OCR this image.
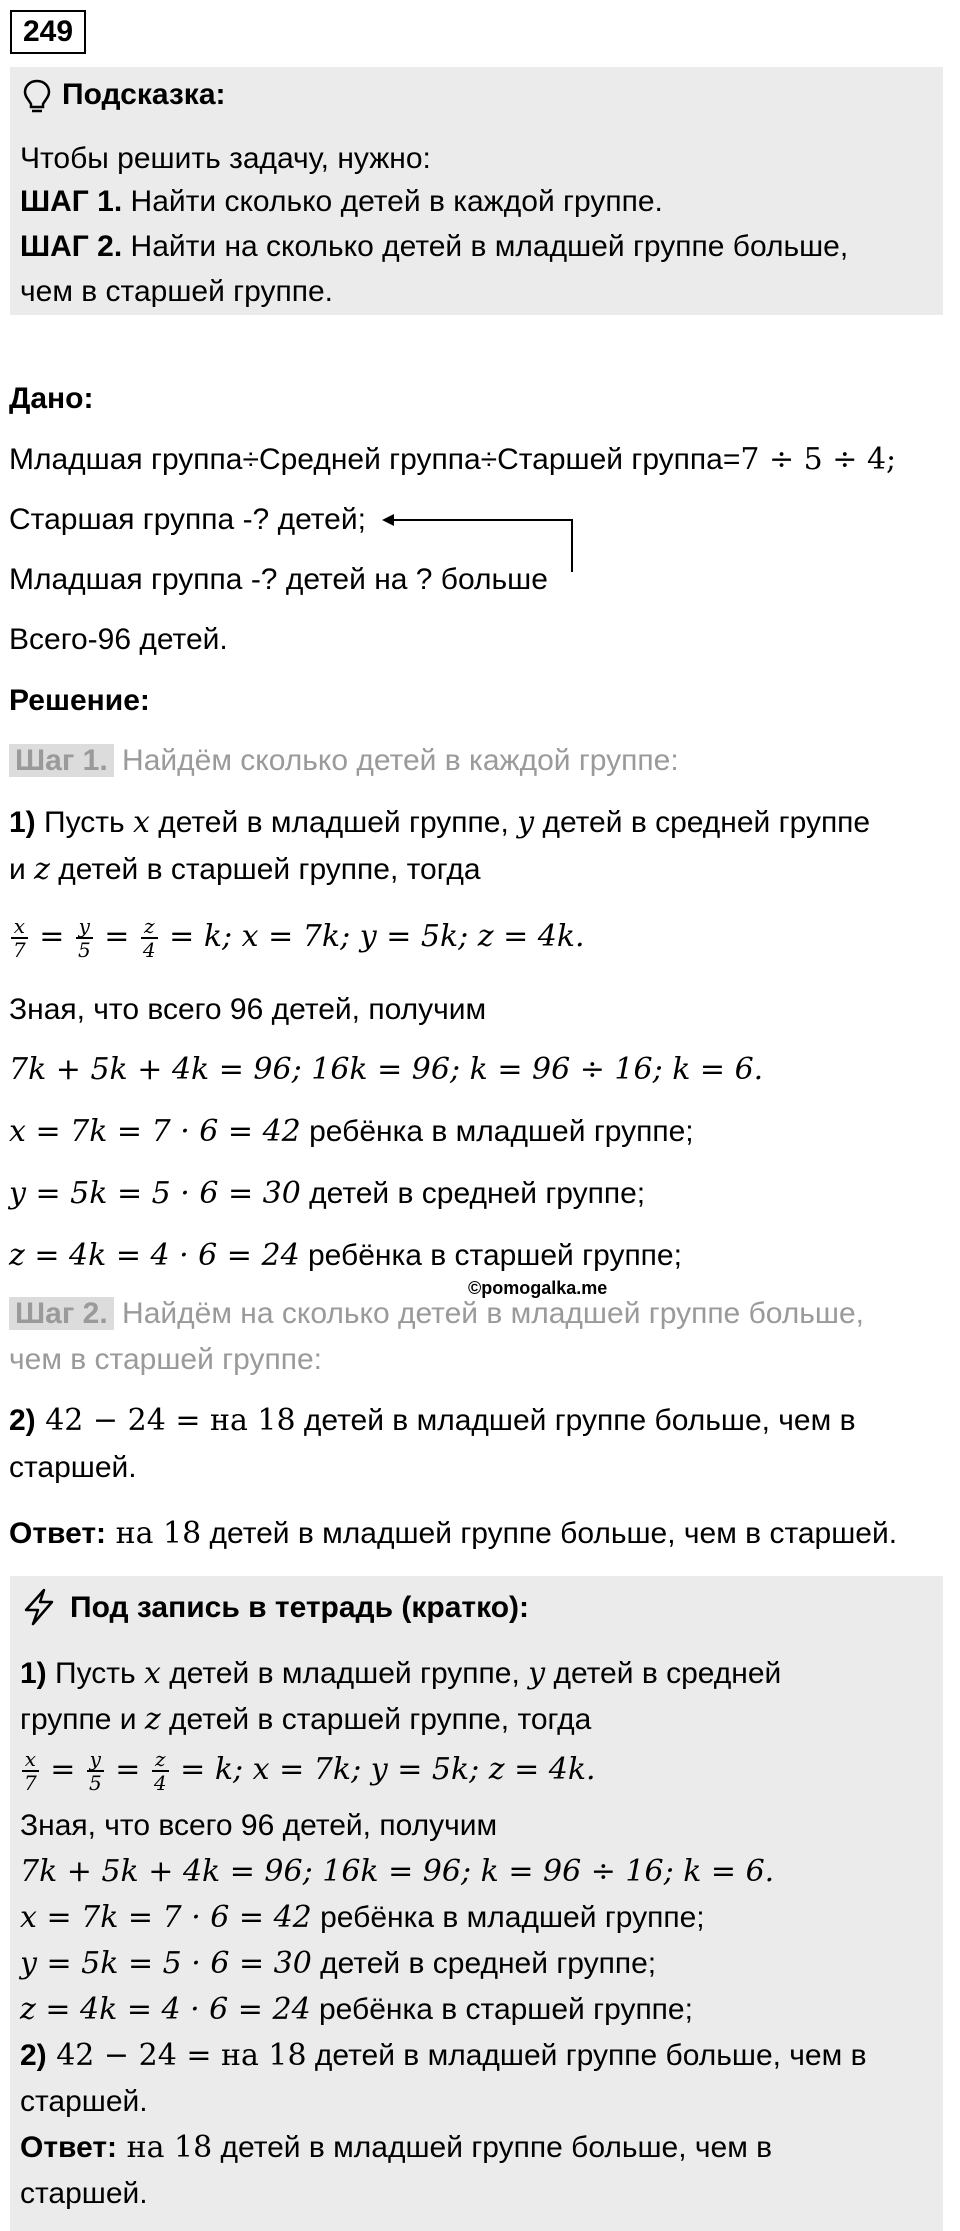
249
Подсказка:
Чтобы решить задачу, нужно:
ШАГ 1. Найти сколько детей в каждой группе.
ШАГ 2. Найти на сколько детей в младшей группе больше,
чем в старшей группе.
Дано:
Младшая группа÷Средней группа÷Старшей группа=7 ÷ 5 ÷ 4;
Старшая группа -? детей;
Младшая группа -? детей на ? больше
Всего-96 детей.
Решение:
Шаг 1. Найдём сколько детей в каждой группе:
1) Пусть x детей в младшей группе, y детей в средней группе
и z детей в старшей группе, тогда
$\frac{x}{7} = \frac{y}{5} = \frac{z}{4} = k$; x = 7k; y = 5k; z = 4k.
Зная, что всего 96 детей, получим
7k + 5k + 4k = 96; 16k = 96; k = 96 ÷ 16; k = 6.
x = 7k = 7 · 6 = 42 ребёнка в младшей группе;
y = 5k = 5 · 6 = 30 детей в средней группе;
z = 4k = 4 · 6 = 24 ребёнка в старшей группе;
©pomogalka.me
Шаг 2. Найдём на сколько детей в младшей группе больше,
чем в старшей группе:
2) 42 − 24 = на 18 детей в младшей группе больше, чем в
старшей.
Ответ: на 18 детей в младшей группе больше, чем в старшей.
Под запись в тетрадь (кратко):
1) Пусть x детей в младшей группе, y детей в средней
группе и z детей в старшей группе, тогда
$\frac{x}{7} = \frac{y}{5} = \frac{z}{4} = k$; x = 7k; y = 5k; z = 4k.
Зная, что всего 96 детей, получим
7k + 5k + 4k = 96; 16k = 96; k = 96 ÷ 16; k = 6.
x = 7k = 7 · 6 = 42 ребёнка в младшей группе;
y = 5k = 5 · 6 = 30 детей в средней группе;
z = 4k = 4 · 6 = 24 ребёнка в старшей группе;
2) 42 − 24 = на 18 детей в младшей группе больше, чем в
старшей.
Ответ: на 18 детей в младшей группе больше, чем в
старшей.
